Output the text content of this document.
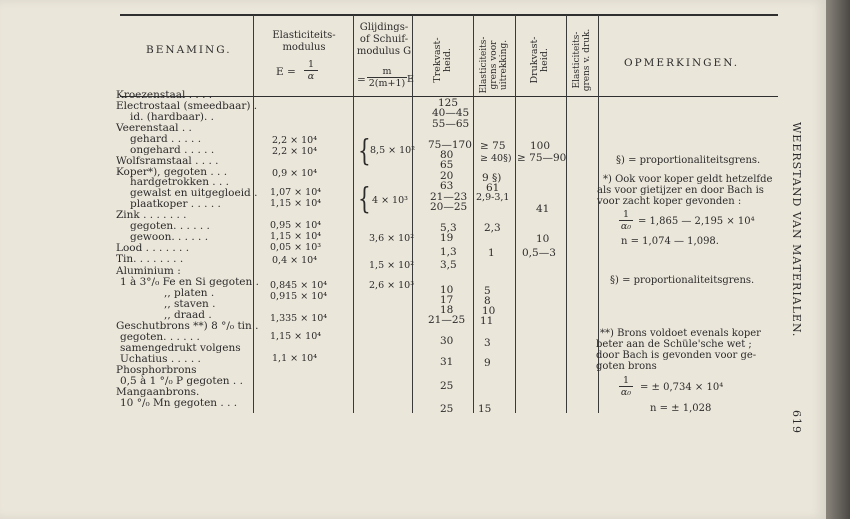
BENAMING.
Elasticiteits-modulus
$E = \frac{1}{\alpha}$
Glijdings- of Schuif-modulus G
= $\frac{m}{2(m+1)}$ E Trekvast-heid.	Elasticiteits-grens voor uitrekking. Drukvast-heid. Elasticiteits-grens v. druk.	OPMERKINGEN.
Kroezenstaal . . . .
Electrostaal (smeedbaar) .
id. (hardbaar). .
Veerenstaal . .
gehard . . . . .
ongehard . . . . .
Wolfsramstaal . . . .
Koper*), gegoten . . .
hardgetrokken . . .
gewalst en uitgegloeid .
plaatkoper . . . . .
Zink . . . . . . .
gegoten. . . . . .
gewoon. . . . . .
Lood . . . . . . .
Tin. . . . . . . .
Aluminium :
1 à 3°/₀ Fe en Si gegoten .
,, platen .
,, staven .
,, draad .
Geschutbrons **) 8 °/₀ tin .
gegoten. . . . . .
samengedrukt volgens
Uchatius . . . . .
Phosphorbrons
0,5 à 1 °/₀ P gegoten . .
Mangaanbrons.
10 °/₀ Mn gegoten . . .
2,2 × 10⁴
2,2 × 10⁴
0,9 × 10⁴
1,07 × 10⁴
1,15 × 10⁴
0,95 × 10⁴
1,15 × 10⁴
0,05 × 10³
0,4 × 10⁴
0,845 × 10⁴
0,915 × 10⁴
1,335 × 10⁴
1,15 × 10⁴
1,1 × 10⁴
{ 8,5 × 10²
{ 4 × 10³
3,6 × 10²
1,5 × 10²
2,6 × 10³
125
40—45
55—65
75—170
80
65
20
63
21—23
20—25
5,3
19
1,3
3,5
10
17
18
21—25
30
31
25
25
≥ 75
≥ 40§)
9 §)
61
2,9-3,1
2,3
1
5
8
10
11
3
9
15
100
≥ 75—90
41
10
0,5—3
§) = proportionaliteitsgrens.
*) Ook voor koper geldt hetzelfde
als voor gietijzer en door Bach is
voor zacht koper gevonden :
$\frac{1}{\text{α₀}} = 1,865$ — 2,195 × 10⁴
n = 1,074 — 1,098.
§) = proportionaliteitsgrens.
**) Brons voldoet evenals koper
beter aan de Schüle'sche wet ;
door Bach is gevonden voor ge-
goten brons
$\frac{1}{\text{α₀}}$ = ± 0,734 × 10⁴
n = ± 1,028
WEERSTAND VAN MATERIALEN.
619
